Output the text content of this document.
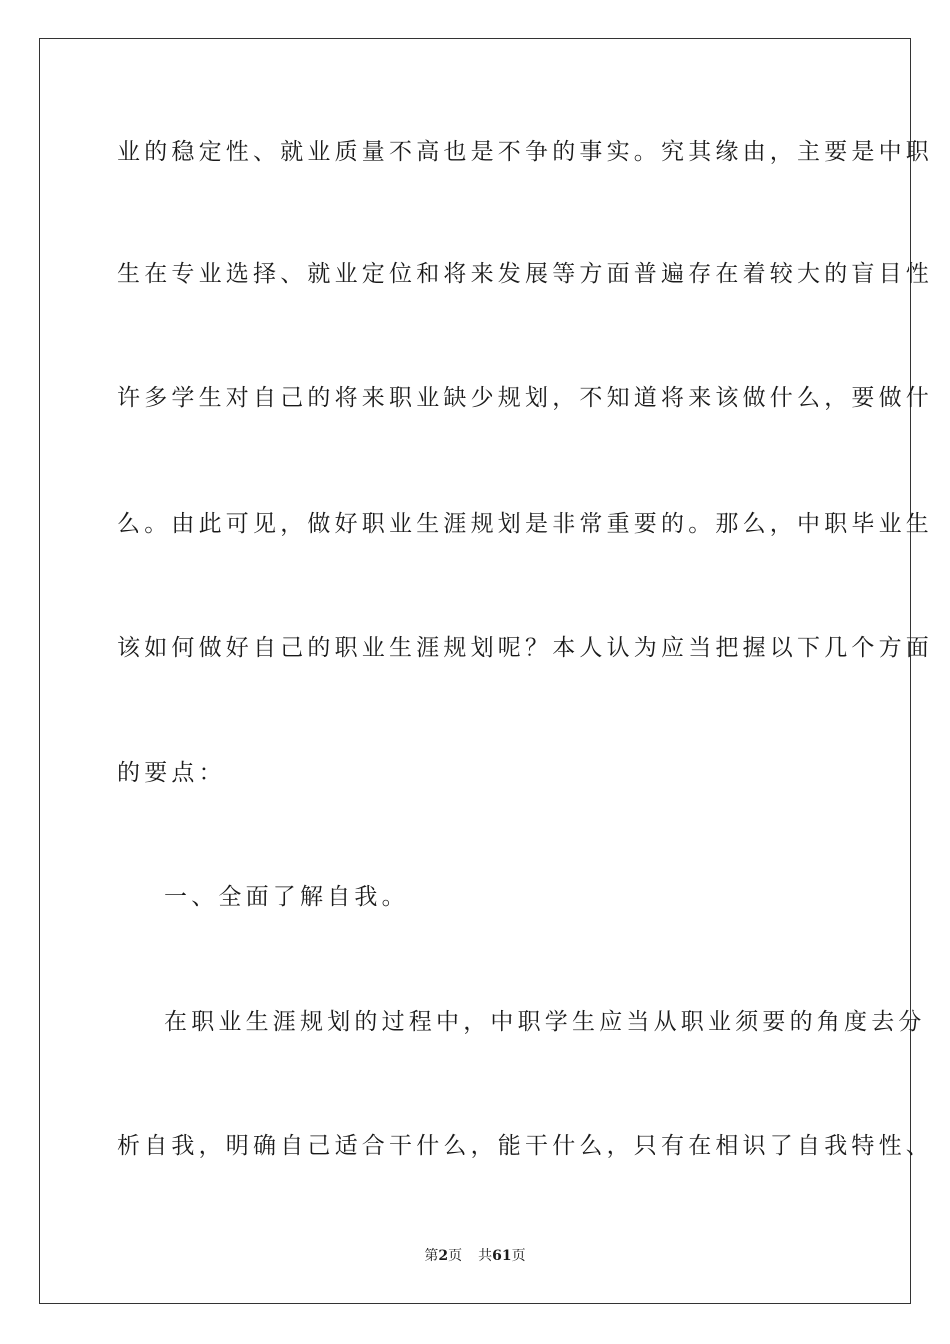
业的稳定性、就业质量不高也是不争的事实。究其缘由，主要是中职
生在专业选择、就业定位和将来发展等方面普遍存在着较大的盲目性
许多学生对自己的将来职业缺少规划，不知道将来该做什么，要做什
么。由此可见，做好职业生涯规划是非常重要的。那么，中职毕业生
该如何做好自己的职业生涯规划呢？本人认为应当把握以下几个方面
的要点：
一、全面了解自我。
在职业生涯规划的过程中，中职学生应当从职业须要的角度去分
析自我，明确自己适合干什么，能干什么，只有在相识了自我特性、
第2页 共61页
